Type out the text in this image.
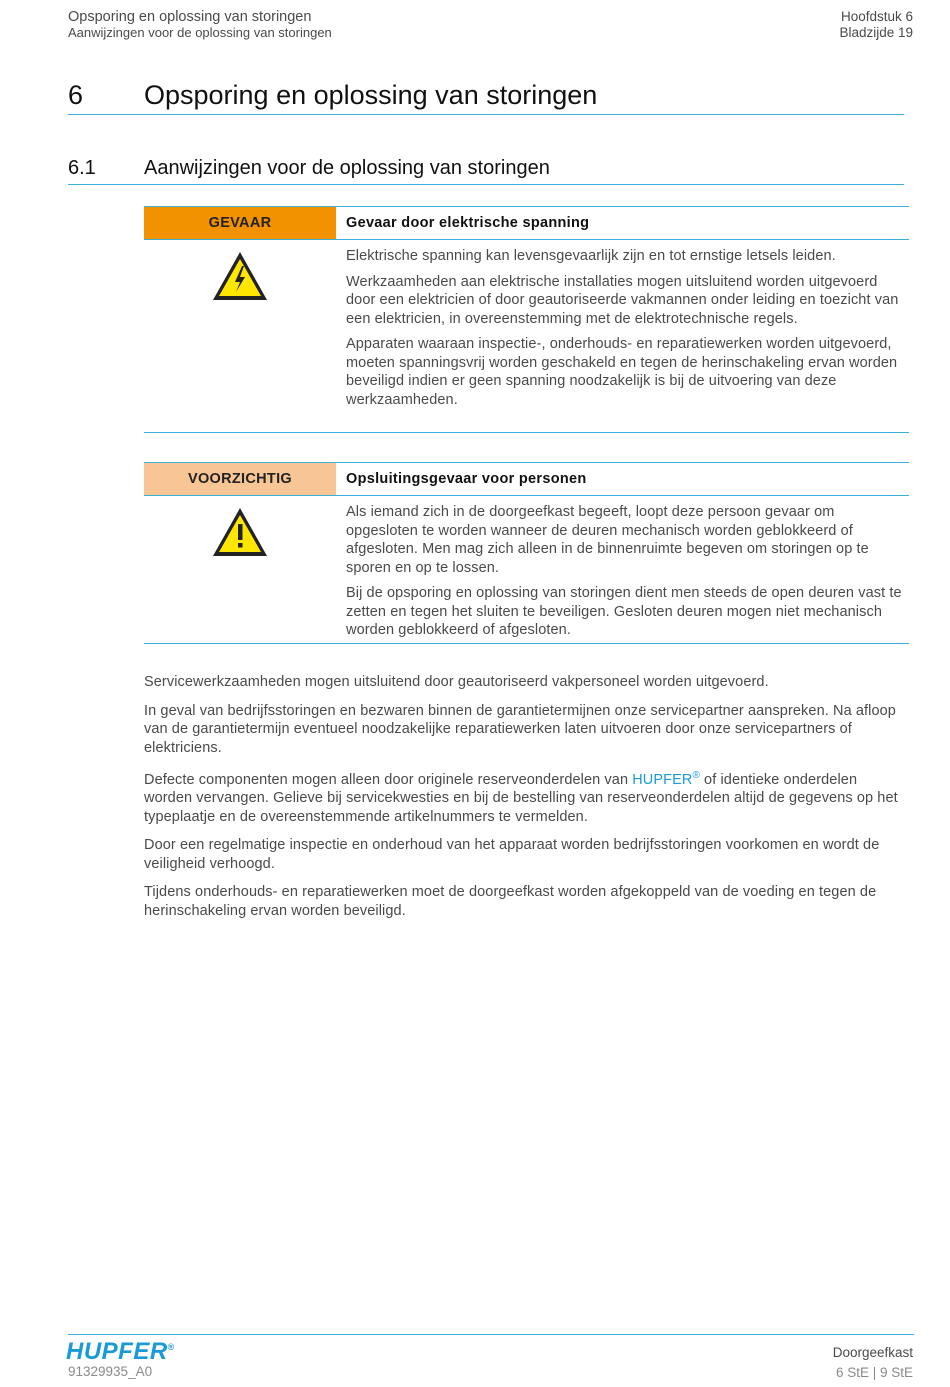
Opsporing en oplossing van storingen
Aanwijzingen voor de oplossing van storingen
Hoofdstuk 6
Bladzijde 19
6 Opsporing en oplossing van storingen
6.1 Aanwijzingen voor de oplossing van storingen
GEVAAR	Gevaar door elektrische spanning

Elektrische spanning kan levensgevaarlijk zijn en tot ernstige letsels leiden.

Werkzaamheden aan elektrische installaties mogen uitsluitend worden uitgevoerd door een elektricien of door geautoriseerde vakmannen onder leiding en toezicht van een elektricien, in overeenstemming met de elektrotechnische regels.

Apparaten waaraan inspectie-, onderhouds- en reparatiewerken worden uitgevoerd, moeten spanningsvrij worden geschakeld en tegen de herinschakeling ervan worden beveiligd indien er geen spanning noodzakelijk is bij de uitvoering van deze werkzaamheden.

VOORZICHTIG	Opsluitingsgevaar voor personen

Als iemand zich in de doorgeefkast begeeft, loopt deze persoon gevaar om opgesloten te worden wanneer de deuren mechanisch worden geblokkeerd of afgesloten. Men mag zich alleen in de binnenruimte begeven om storingen op te sporen en op te lossen.

Bij de opsporing en oplossing van storingen dient men steeds de open deuren vast te zetten en tegen het sluiten te beveiligen. Gesloten deuren mogen niet mechanisch worden geblokkeerd of afgesloten.

Servicewerkzaamheden mogen uitsluitend door geautoriseerd vakpersoneel worden uitgevoerd.

In geval van bedrijfsstoringen en bezwaren binnen de garantietermijnen onze servicepartner aanspreken. Na afloop van de garantietermijn eventueel noodzakelijke reparatiewerken laten uitvoeren door onze servicepartners of elektriciens.

Defecte componenten mogen alleen door originele reserveonderdelen van HUPFER® of identieke onderdelen worden vervangen. Gelieve bij servicekwesties en bij de bestelling van reserveonderdelen altijd de gegevens op het typeplaatje en de overeenstemmende artikelnummers te vermelden.

Door een regelmatige inspectie en onderhoud van het apparaat worden bedrijfsstoringen voorkomen en wordt de veiligheid verhoogd.

Tijdens onderhouds- en reparatiewerken moet de doorgeefkast worden afgekoppeld van de voeding en tegen de herinschakeling ervan worden beveiligd.

HUPFER®
91329935_A0
Doorgeefkast
6 StE | 9 StE
